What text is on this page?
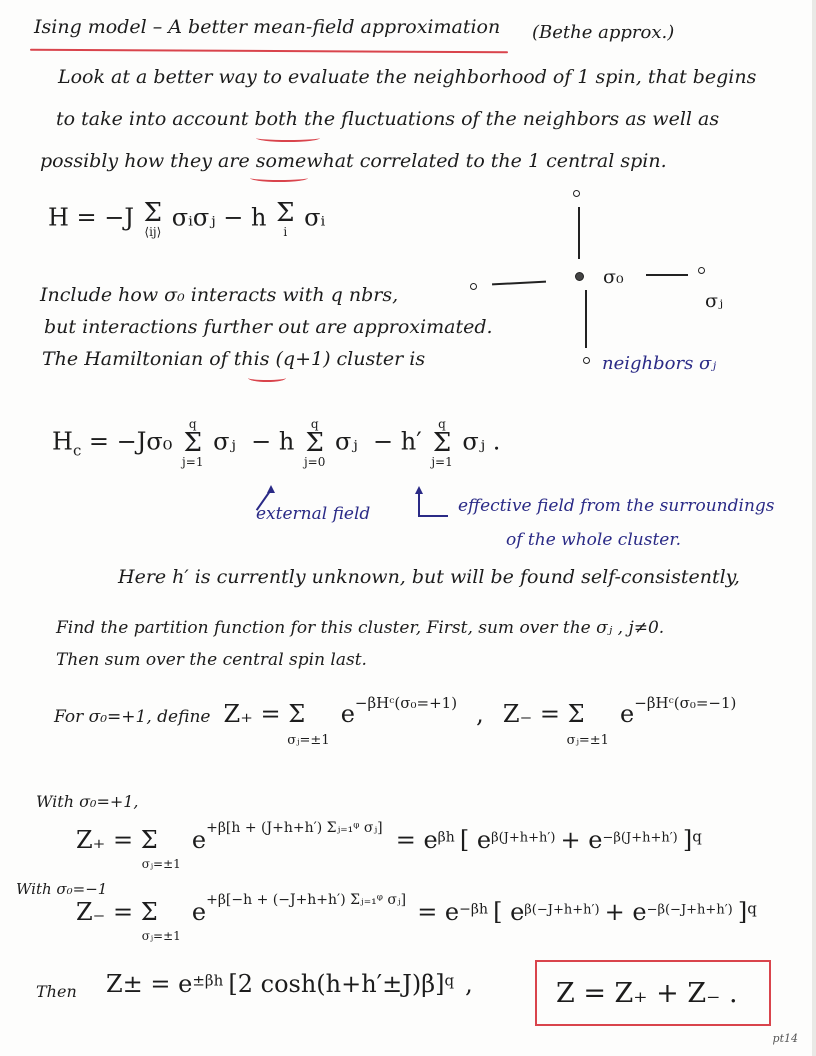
Ising model – A better mean-field approximation (Bethe approx.)
Look at a better way to evaluate the neighborhood of 1 spin, that begins
to take into account both the fluctuations of the neighbors as well as
possibly how they are somewhat correlated to the 1 central spin.
H = −J Σ
⟨ij⟩
σᵢσⱼ − h Σ
i
σᵢ
Include how σ₀ interacts with q nbrs,
but interactions further out are approximated.
The Hamiltonian of this (q+1) cluster is
σ₀
σⱼ
neighbors σⱼ
$H_c = -J\sigma_0$
q
Σ
j=1
σⱼ − h
q
Σ
j=0
σⱼ − h′
q
Σ
j=1
σⱼ .
external field	effective field from the surroundings
of the whole cluster.
Here h′ is currently unknown, but will be found self-consistently,
Find the partition function for this cluster, First, sum over the σⱼ , j≠0.
Then sum over the central spin last.
For σ₀=+1, define $Z_+ = \Sigma_{\sigma ⱼ=\pm 1}$ $e^{-\beta Hᶜ(\sigma_0=+1)}$ , $Z_- = \Sigma_{\sigma ⱼ=\pm 1}$ $e^{-\beta Hᶜ(\sigma_0=-1)}$
With σ₀=+1,
$Z_+ = \Sigma_{\sigma ⱼ=\pm 1}$ $e^{+\beta[h + (J+h+h') \Sigma ⱼ_{=1}ᵠ \sigma ⱼ]} = e^{\beta h}$ [ $e^{\beta(J+h+h')} + e^{-\beta(J+h+h')}$ ]$^q$
With σ₀=−1
$Z_- = \Sigma_{\sigma ⱼ=\pm 1}$ $e^{+\beta[-h + (-J+h+h') \Sigma ⱼ_{=1}ᵠ \sigma ⱼ]} = e^{-\beta h}$ [ $e^{\beta(-J+h+h')} + e^{-\beta(-J+h+h')}$ ]$^q$
Then $Z\pm = e^{\pm\beta h}$ [2 cosh(h+h′±J)β]$^q$ ,	Z = Z₊ + Z₋ .
pt14
